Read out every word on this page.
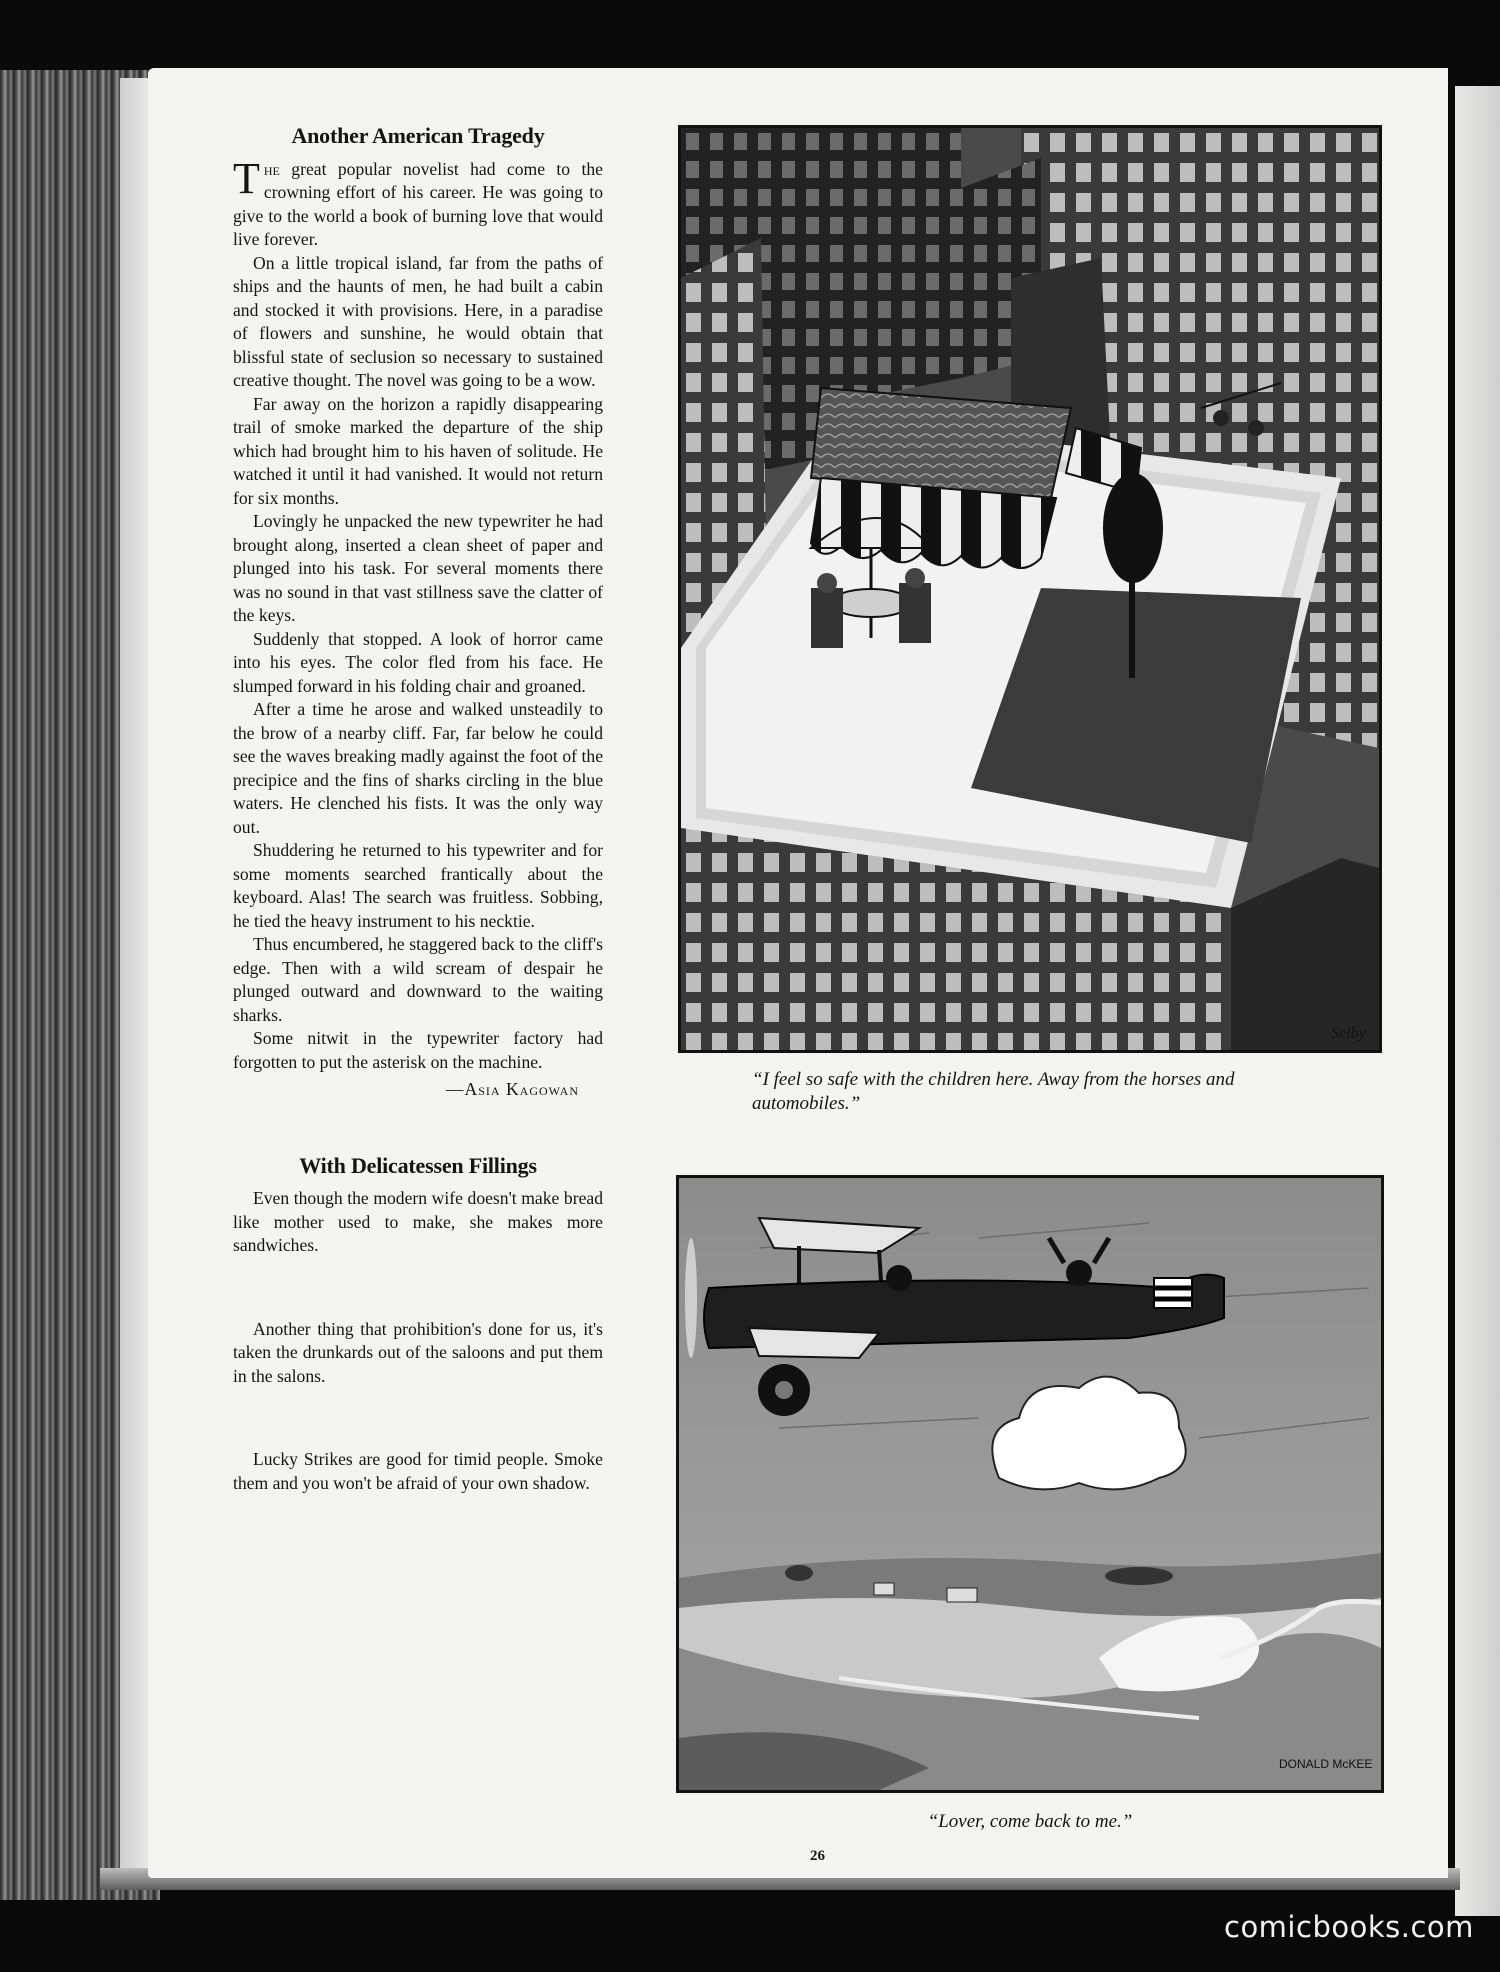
Another American Tragedy

The great popular novelist had come to the crowning effort of his career. He was going to give to the world a book of burning love that would live forever.

On a little tropical island, far from the paths of ships and the haunts of men, he had built a cabin and stocked it with provisions. Here, in a paradise of flowers and sunshine, he would obtain that blissful state of seclusion so necessary to sustained creative thought. The novel was going to be a wow.

Far away on the horizon a rapidly disappearing trail of smoke marked the departure of the ship which had brought him to his haven of solitude. He watched it until it had vanished. It would not return for six months.

Lovingly he unpacked the new typewriter he had brought along, inserted a clean sheet of paper and plunged into his task. For several moments there was no sound in that vast stillness save the clatter of the keys.

Suddenly that stopped. A look of horror came into his eyes. The color fled from his face. He slumped forward in his folding chair and groaned.

After a time he arose and walked unsteadily to the brow of a nearby cliff. Far, far below he could see the waves breaking madly against the foot of the precipice and the fins of sharks circling in the blue waters. He clenched his fists. It was the only way out.

Shuddering he returned to his typewriter and for some moments searched frantically about the keyboard. Alas! The search was fruitless. Sobbing, he tied the heavy instrument to his necktie.

Thus encumbered, he staggered back to the cliff's edge. Then with a wild scream of despair he plunged outward and downward to the waiting sharks.

Some nitwit in the typewriter factory had forgotten to put the asterisk on the machine.

—Asia Kagowan
With Delicatessen Fillings

Even though the modern wife doesn't make bread like mother used to make, she makes more sandwiches.

Another thing that prohibition's done for us, it's taken the drunkards out of the saloons and put them in the salons.

Lucky Strikes are good for timid people. Smoke them and you won't be afraid of your own shadow.

Selby
“I feel so safe with the children here. Away from the horses and automobiles.”
DONALD McKEE
“Lover, come back to me.”
26
comicbooks.com
